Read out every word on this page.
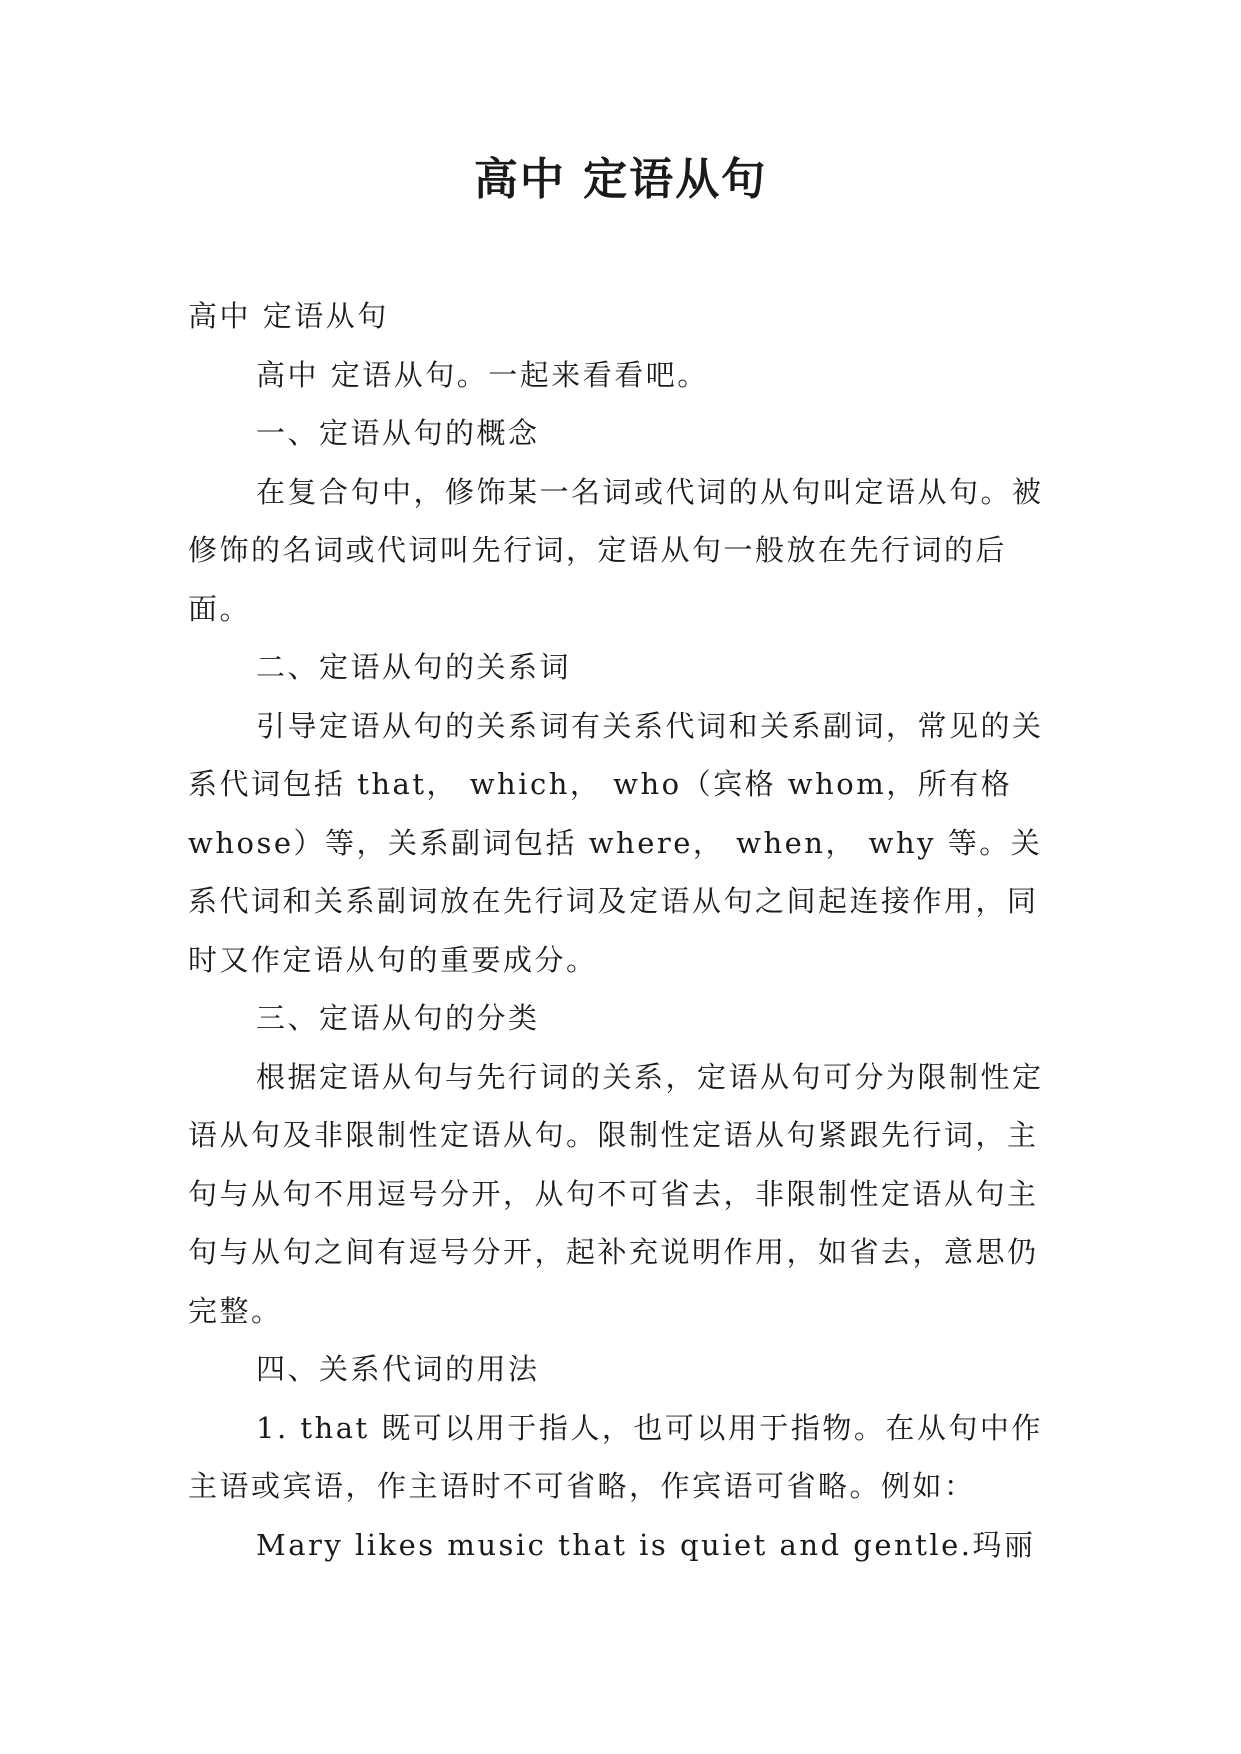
高中 定语从句

高中 定语从句

高中 定语从句。一起来看看吧。

一、定语从句的概念

在复合句中，修饰某一名词或代词的从句叫定语从句。被修饰的名词或代词叫先行词，定语从句一般放在先行词的后面。

二、定语从句的关系词

引导定语从句的关系词有关系代词和关系副词，常见的关系代词包括 that， which， who（宾格 whom，所有格 whose）等，关系副词包括 where， when， why 等。关系代词和关系副词放在先行词及定语从句之间起连接作用，同时又作定语从句的重要成分。

三、定语从句的分类

根据定语从句与先行词的关系，定语从句可分为限制性定语从句及非限制性定语从句。限制性定语从句紧跟先行词，主句与从句不用逗号分开，从句不可省去，非限制性定语从句主句与从句之间有逗号分开，起补充说明作用，如省去，意思仍完整。

四、关系代词的用法

1. that 既可以用于指人，也可以用于指物。在从句中作主语或宾语，作主语时不可省略，作宾语可省略。例如：

Mary likes music that is quiet and gentle.玛丽
